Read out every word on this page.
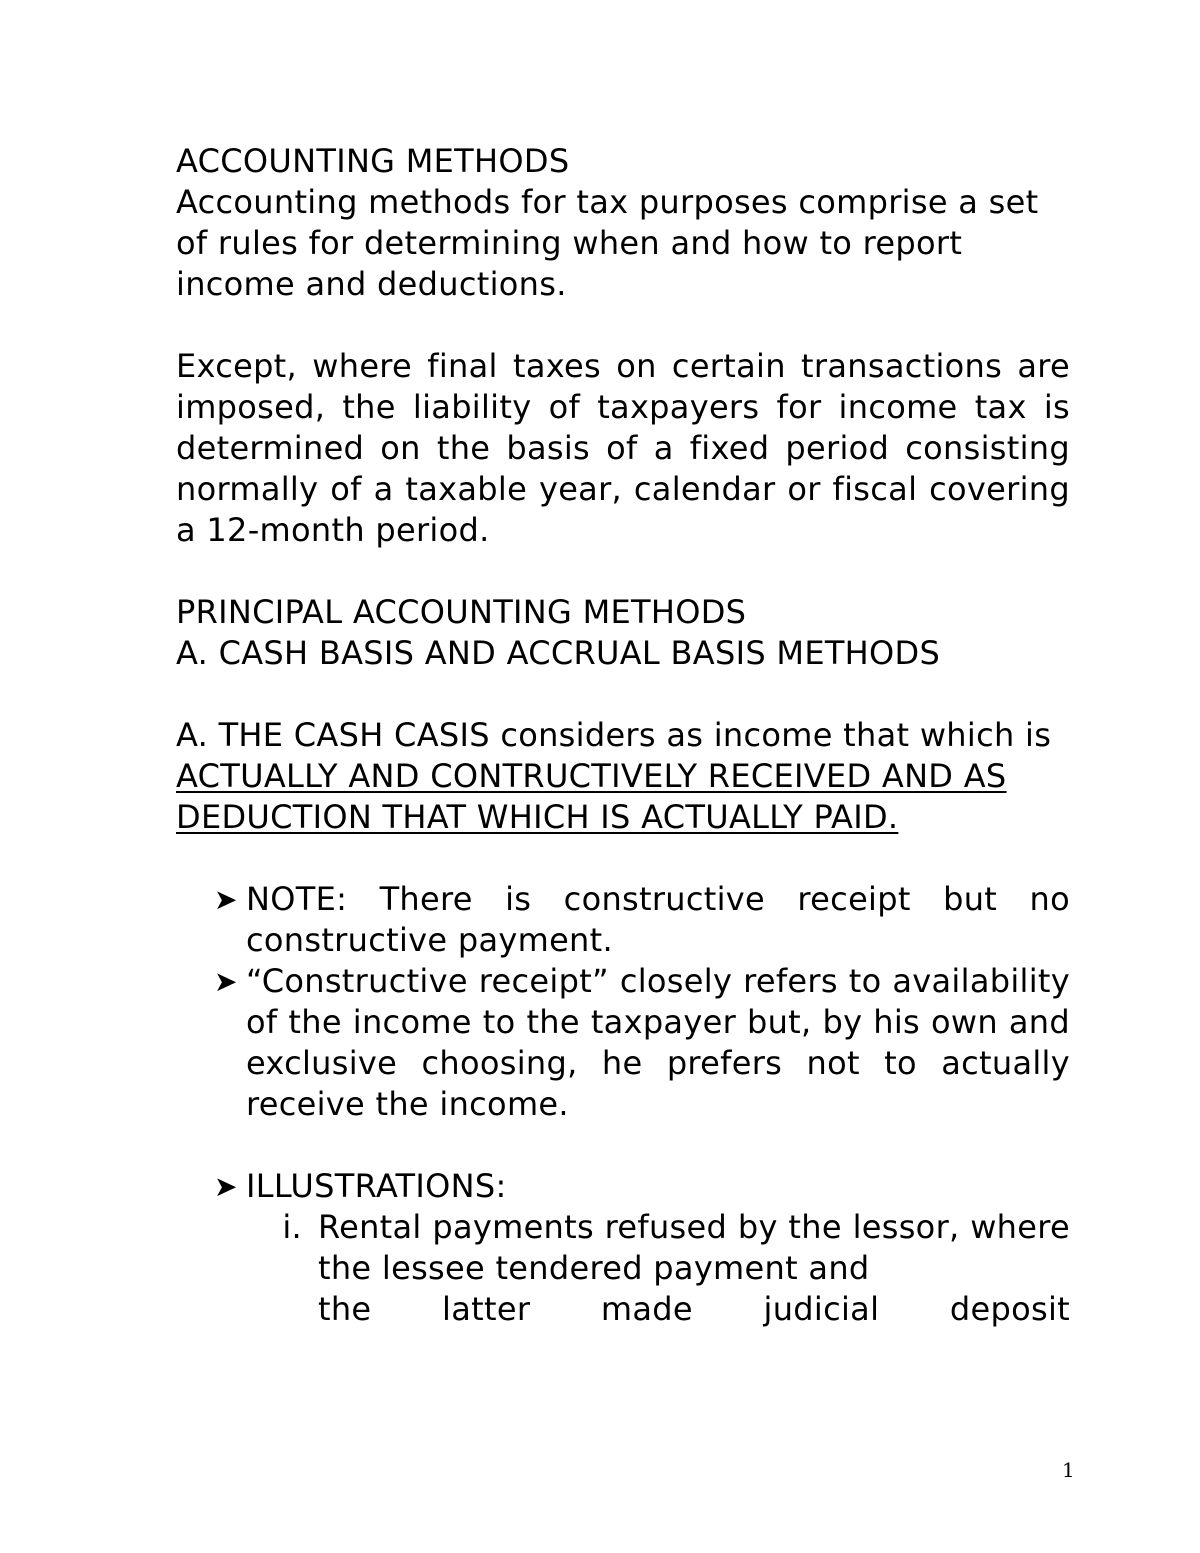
ACCOUNTING METHODS

Accounting methods for tax purposes comprise a set of rules for determining when and how to report income and deductions.

Except, where final taxes on certain transactions are imposed, the liability of taxpayers for income tax is determined on the basis of a fixed period consisting normally of a taxable year, calendar or fiscal covering a 12-month period.

PRINCIPAL ACCOUNTING METHODS

A. CASH BASIS AND ACCRUAL BASIS METHODS

A. THE CASH CASIS considers as income that which is ACTUALLY AND CONTRUCTIVELY RECEIVED AND AS DEDUCTION THAT WHICH IS ACTUALLY PAID.

➤ NOTE: There is constructive receipt but no constructive payment.
➤ “Constructive receipt” closely refers to availability of the income to the taxpayer but, by his own and exclusive choosing, he prefers not to actually receive the income.
➤ ILLUSTRATIONS:
i. Rental payments refused by the lessor, where the lessee tendered payment and
the latter made judicial deposit
1
